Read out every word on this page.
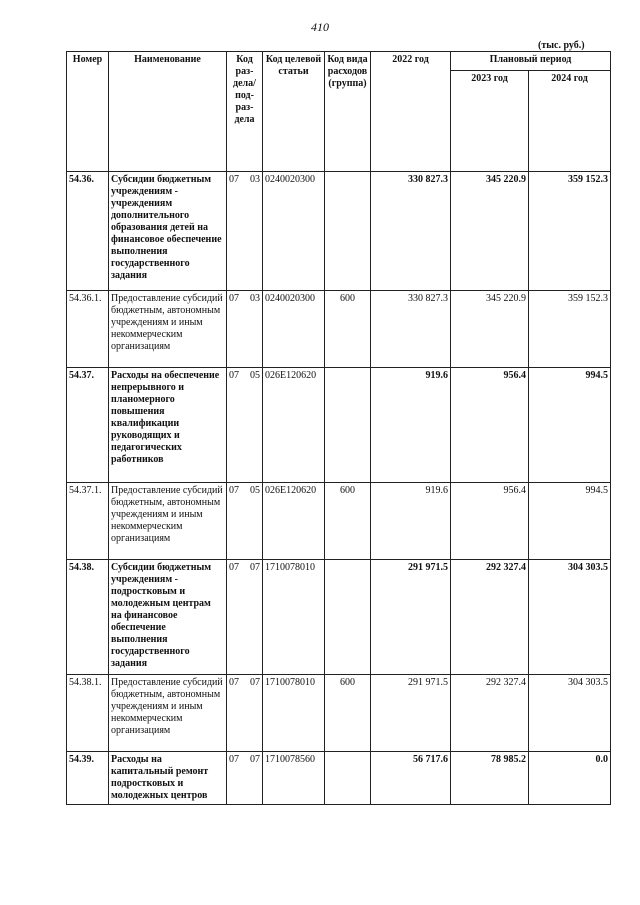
410
(тыс. руб.)
Номер	Наименование	Код раз- дела/ под- раз- дела	Код целевой статьи	Код вида расходов (группа)	2022 год	Плановый период	
						2023 год	2024 год
54.36.	Субсидии бюджетным учреждениям - учреждениям дополнительного образования детей на финансовое обеспечение выполнения государственного задания	07 03	0240020300		330 827.3	345 220.9	359 152.3
54.36.1.	Предоставление субсидий бюджетным, автономным учреждениям и иным некоммерческим организациям	07 03	0240020300	600	330 827.3	345 220.9	359 152.3
54.37.	Расходы на обеспечение непрерывного и планомерного повышения квалификации руководящих и педагогических работников	07 05	026Е120620		919.6	956.4	994.5
54.37.1.	Предоставление субсидий бюджетным, автономным учреждениям и иным некоммерческим организациям	07 05	026Е120620	600	919.6	956.4	994.5
54.38.	Субсидии бюджетным учреждениям - подростковым и молодежным центрам на финансовое обеспечение выполнения государственного задания	07 07	1710078010		291 971.5	292 327.4	304 303.5
54.38.1.	Предоставление субсидий бюджетным, автономным учреждениям и иным некоммерческим организациям	07 07	1710078010	600	291 971.5	292 327.4	304 303.5
54.39.	Расходы на капитальный ремонт подростковых и молодежных центров	07 07	1710078560		56 717.6	78 985.2	0.0
